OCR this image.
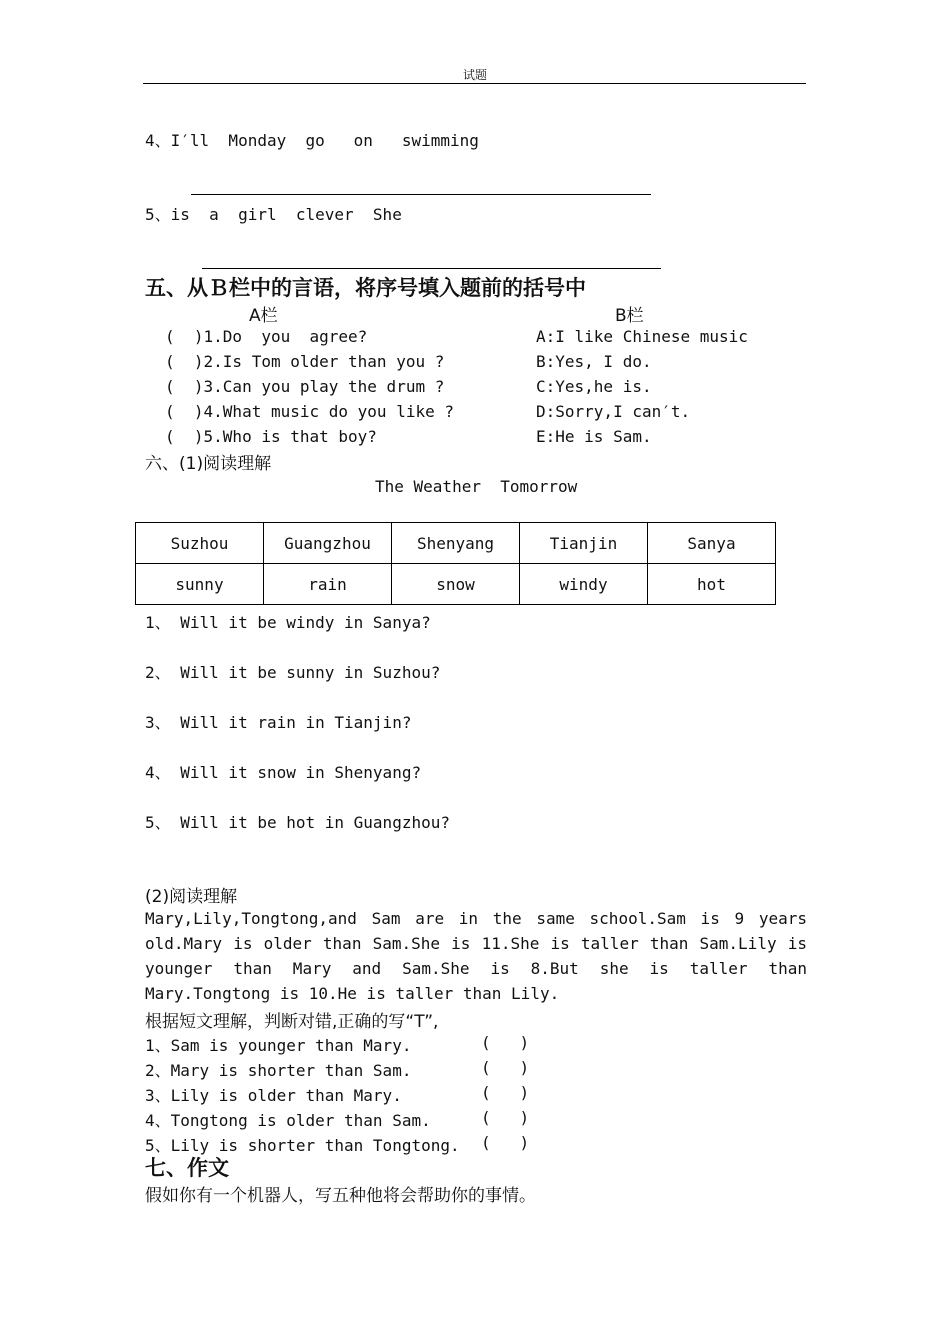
试题
4、I′ll  Monday  go   on   swimming
5、is  a  girl  clever  She
五、从Ｂ栏中的言语，将序号填入题前的括号中
A栏	B栏
(  )1.Do  you  agree?	A:I like Chinese music
(  )2.Is Tom older than you ?	B:Yes, I do.
(  )3.Can you play the drum ?	C:Yes,he is.
(  )4.What music do you like ?	D:Sorry,I can′t.
(  )5.Who is that boy?	E:He is Sam.
六、(1)阅读理解
The Weather  Tomorrow
Suzhou	Guangzhou	Shenyang	Tianjin	Sanya
sunny	rain	snow	windy	hot
1、 Will it be windy in Sanya?
2、 Will it be sunny in Suzhou?
3、 Will it rain in Tianjin?
4、 Will it snow in Shenyang?
5、 Will it be hot in Guangzhou?
(2)阅读理解
Mary,Lily,Tongtong,and Sam are in the same school.Sam is 9 years
old.Mary is older than Sam.She is 11.She is taller than Sam.Lily is
younger than Mary and Sam.She is 8.But she is taller than
Mary.Tongtong is 10.He is taller than Lily.
根据短文理解，判断对错,正确的写“T”,
1、Sam is younger than Mary.	(   )
2、Mary is shorter than Sam.	(   )
3、Lily is older than Mary.	(   )
4、Tongtong is older than Sam.	(   )
5、Lily is shorter than Tongtong. (   )
七、作文
假如你有一个机器人，写五种他将会帮助你的事情。
